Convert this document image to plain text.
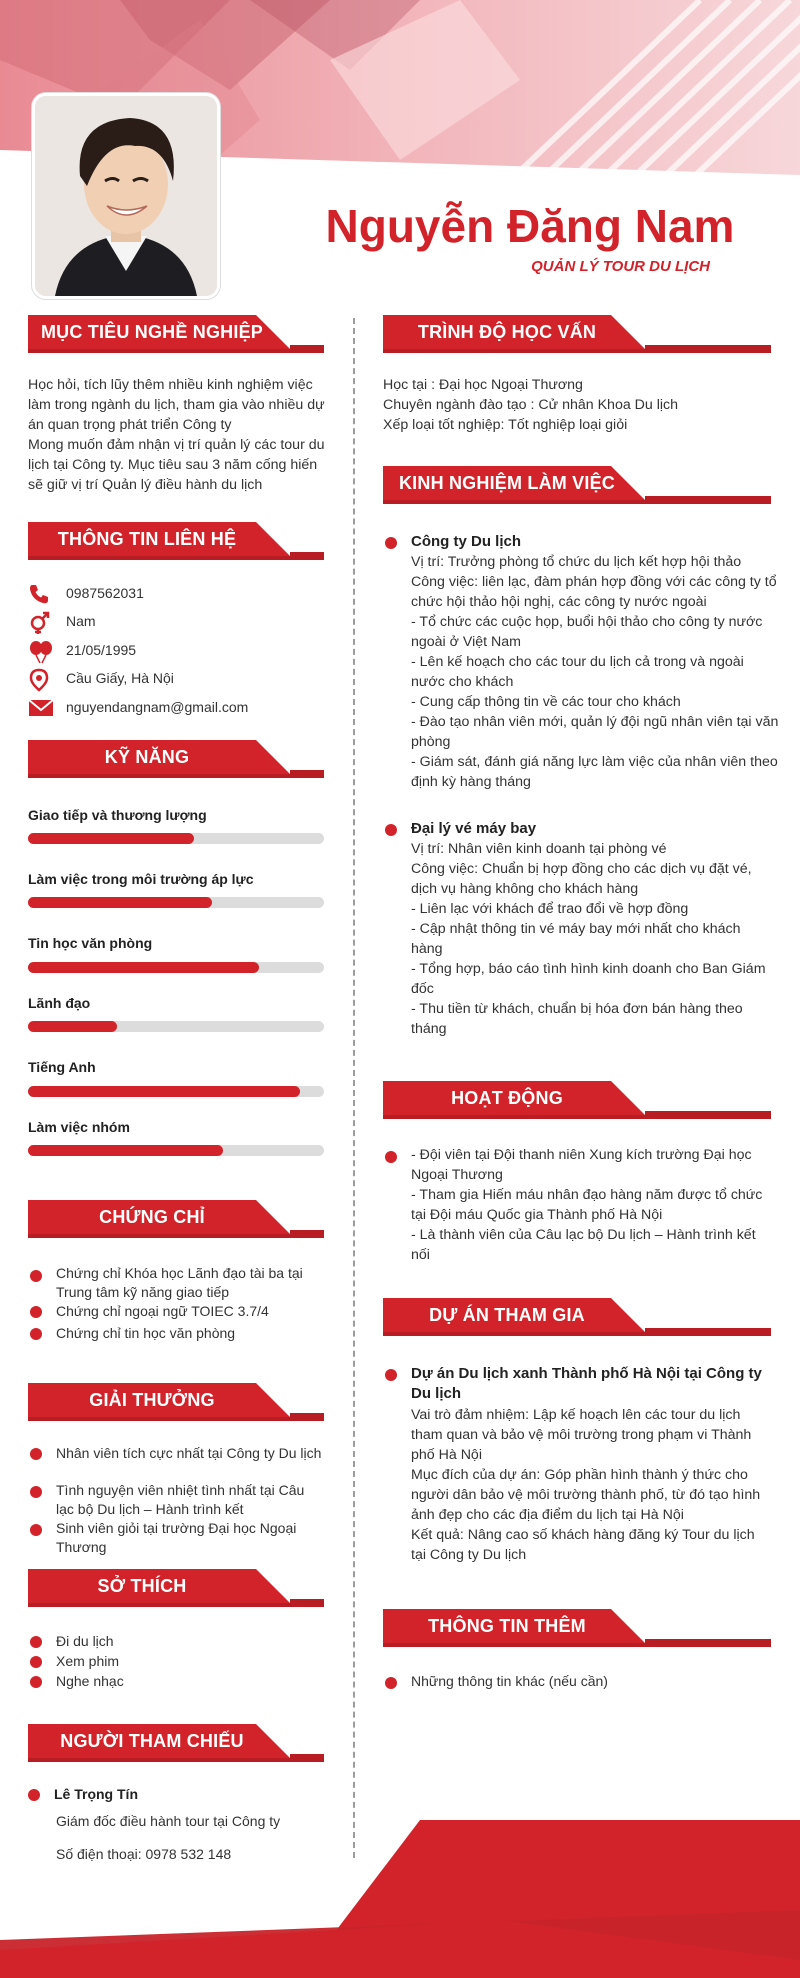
Nguyễn Đăng Nam
QUẢN LÝ TOUR DU LỊCH
MỤC TIÊU NGHỀ NGHIỆP

Học hỏi, tích lũy thêm nhiều kinh nghiệm việc

làm trong ngành du lịch, tham gia vào nhiều dự

án quan trọng phát triển Công ty

Mong muốn đảm nhận vị trí quản lý các tour du

lịch tại Công ty. Mục tiêu sau 3 năm cống hiến

sẽ giữ vị trí Quản lý điều hành du lịch

THÔNG TIN LIÊN HỆ
0987562031
Nam
21/05/1995
Cầu Giấy, Hà Nội
nguyendangnam@gmail.com
KỸ NĂNG
Giao tiếp và thương lượng
Làm việc trong môi trường áp lực
Tin học văn phòng
Lãnh đạo
Tiếng Anh
Làm việc nhóm
CHỨNG CHỈ
Chứng chỉ Khóa học Lãnh đạo tài ba tại
Trung tâm kỹ năng giao tiếp
Chứng chỉ ngoại ngữ TOIEC 3.7/4
Chứng chỉ tin học văn phòng
GIẢI THƯỞNG
Nhân viên tích cực nhất tại Công ty Du lịch
Tình nguyện viên nhiệt tình nhất tại Câu
lạc bộ Du lịch – Hành trình kết
Sinh viên giỏi tại trường Đại học Ngoại
Thương
SỞ THÍCH
Đi du lịch
Xem phim
Nghe nhạc
NGƯỜI THAM CHIẾU
Lê Trọng Tín
Giám đốc điều hành tour tại Công ty
Số điện thoại: 0978 532 148
TRÌNH ĐỘ HỌC VẤN

Học tại : Đại học Ngoại Thương

Chuyên ngành đào tạo : Cử nhân Khoa Du lịch

Xếp loại tốt nghiệp: Tốt nghiệp loại giỏi

KINH NGHIỆM LÀM VIỆC
Công ty Du lịch

Vị trí: Trưởng phòng tổ chức du lịch kết hợp hội thảo

Công việc: liên lạc, đàm phán hợp đồng với các công ty tổ

chức hội thảo hội nghị, các công ty nước ngoài

- Tổ chức các cuộc họp, buổi hội thảo cho công ty nước

ngoài ở Việt Nam

- Lên kế hoạch cho các tour du lịch cả trong và ngoài

nước cho khách

- Cung cấp thông tin về các tour cho khách

- Đào tạo nhân viên mới, quản lý đội ngũ nhân viên tại văn

phòng

- Giám sát, đánh giá năng lực làm việc của nhân viên theo

định kỳ hàng tháng

Đại lý vé máy bay

Vị trí: Nhân viên kinh doanh tại phòng vé

Công việc: Chuẩn bị hợp đồng cho các dịch vụ đặt vé,

dịch vụ hàng không cho khách hàng

- Liên lạc với khách để trao đổi về hợp đồng

- Cập nhật thông tin vé máy bay mới nhất cho khách

hàng

- Tổng hợp, báo cáo tình hình kinh doanh cho Ban Giám

đốc

- Thu tiền từ khách, chuẩn bị hóa đơn bán hàng theo

tháng

HOẠT ĐỘNG

- Đội viên tại Đội thanh niên Xung kích trường Đại học

Ngoại Thương

- Tham gia Hiến máu nhân đạo hàng năm được tổ chức

tại Đội máu Quốc gia Thành phố Hà Nội

- Là thành viên của Câu lạc bộ Du lịch – Hành trình kết

nối

DỰ ÁN THAM GIA
Dự án Du lịch xanh Thành phố Hà Nội tại Công ty
Du lịch

Vai trò đảm nhiệm: Lập kế hoạch lên các tour du lịch

tham quan và bảo vệ môi trường trong phạm vi Thành

phố Hà Nội

Mục đích của dự án: Góp phần hình thành ý thức cho

người dân bảo vệ môi trường thành phố, từ đó tạo hình

ảnh đẹp cho các địa điểm du lịch tại Hà Nội

Kết quả: Nâng cao số khách hàng đăng ký Tour du lịch

tại Công ty Du lịch

THÔNG TIN THÊM
Những thông tin khác (nếu cần)
